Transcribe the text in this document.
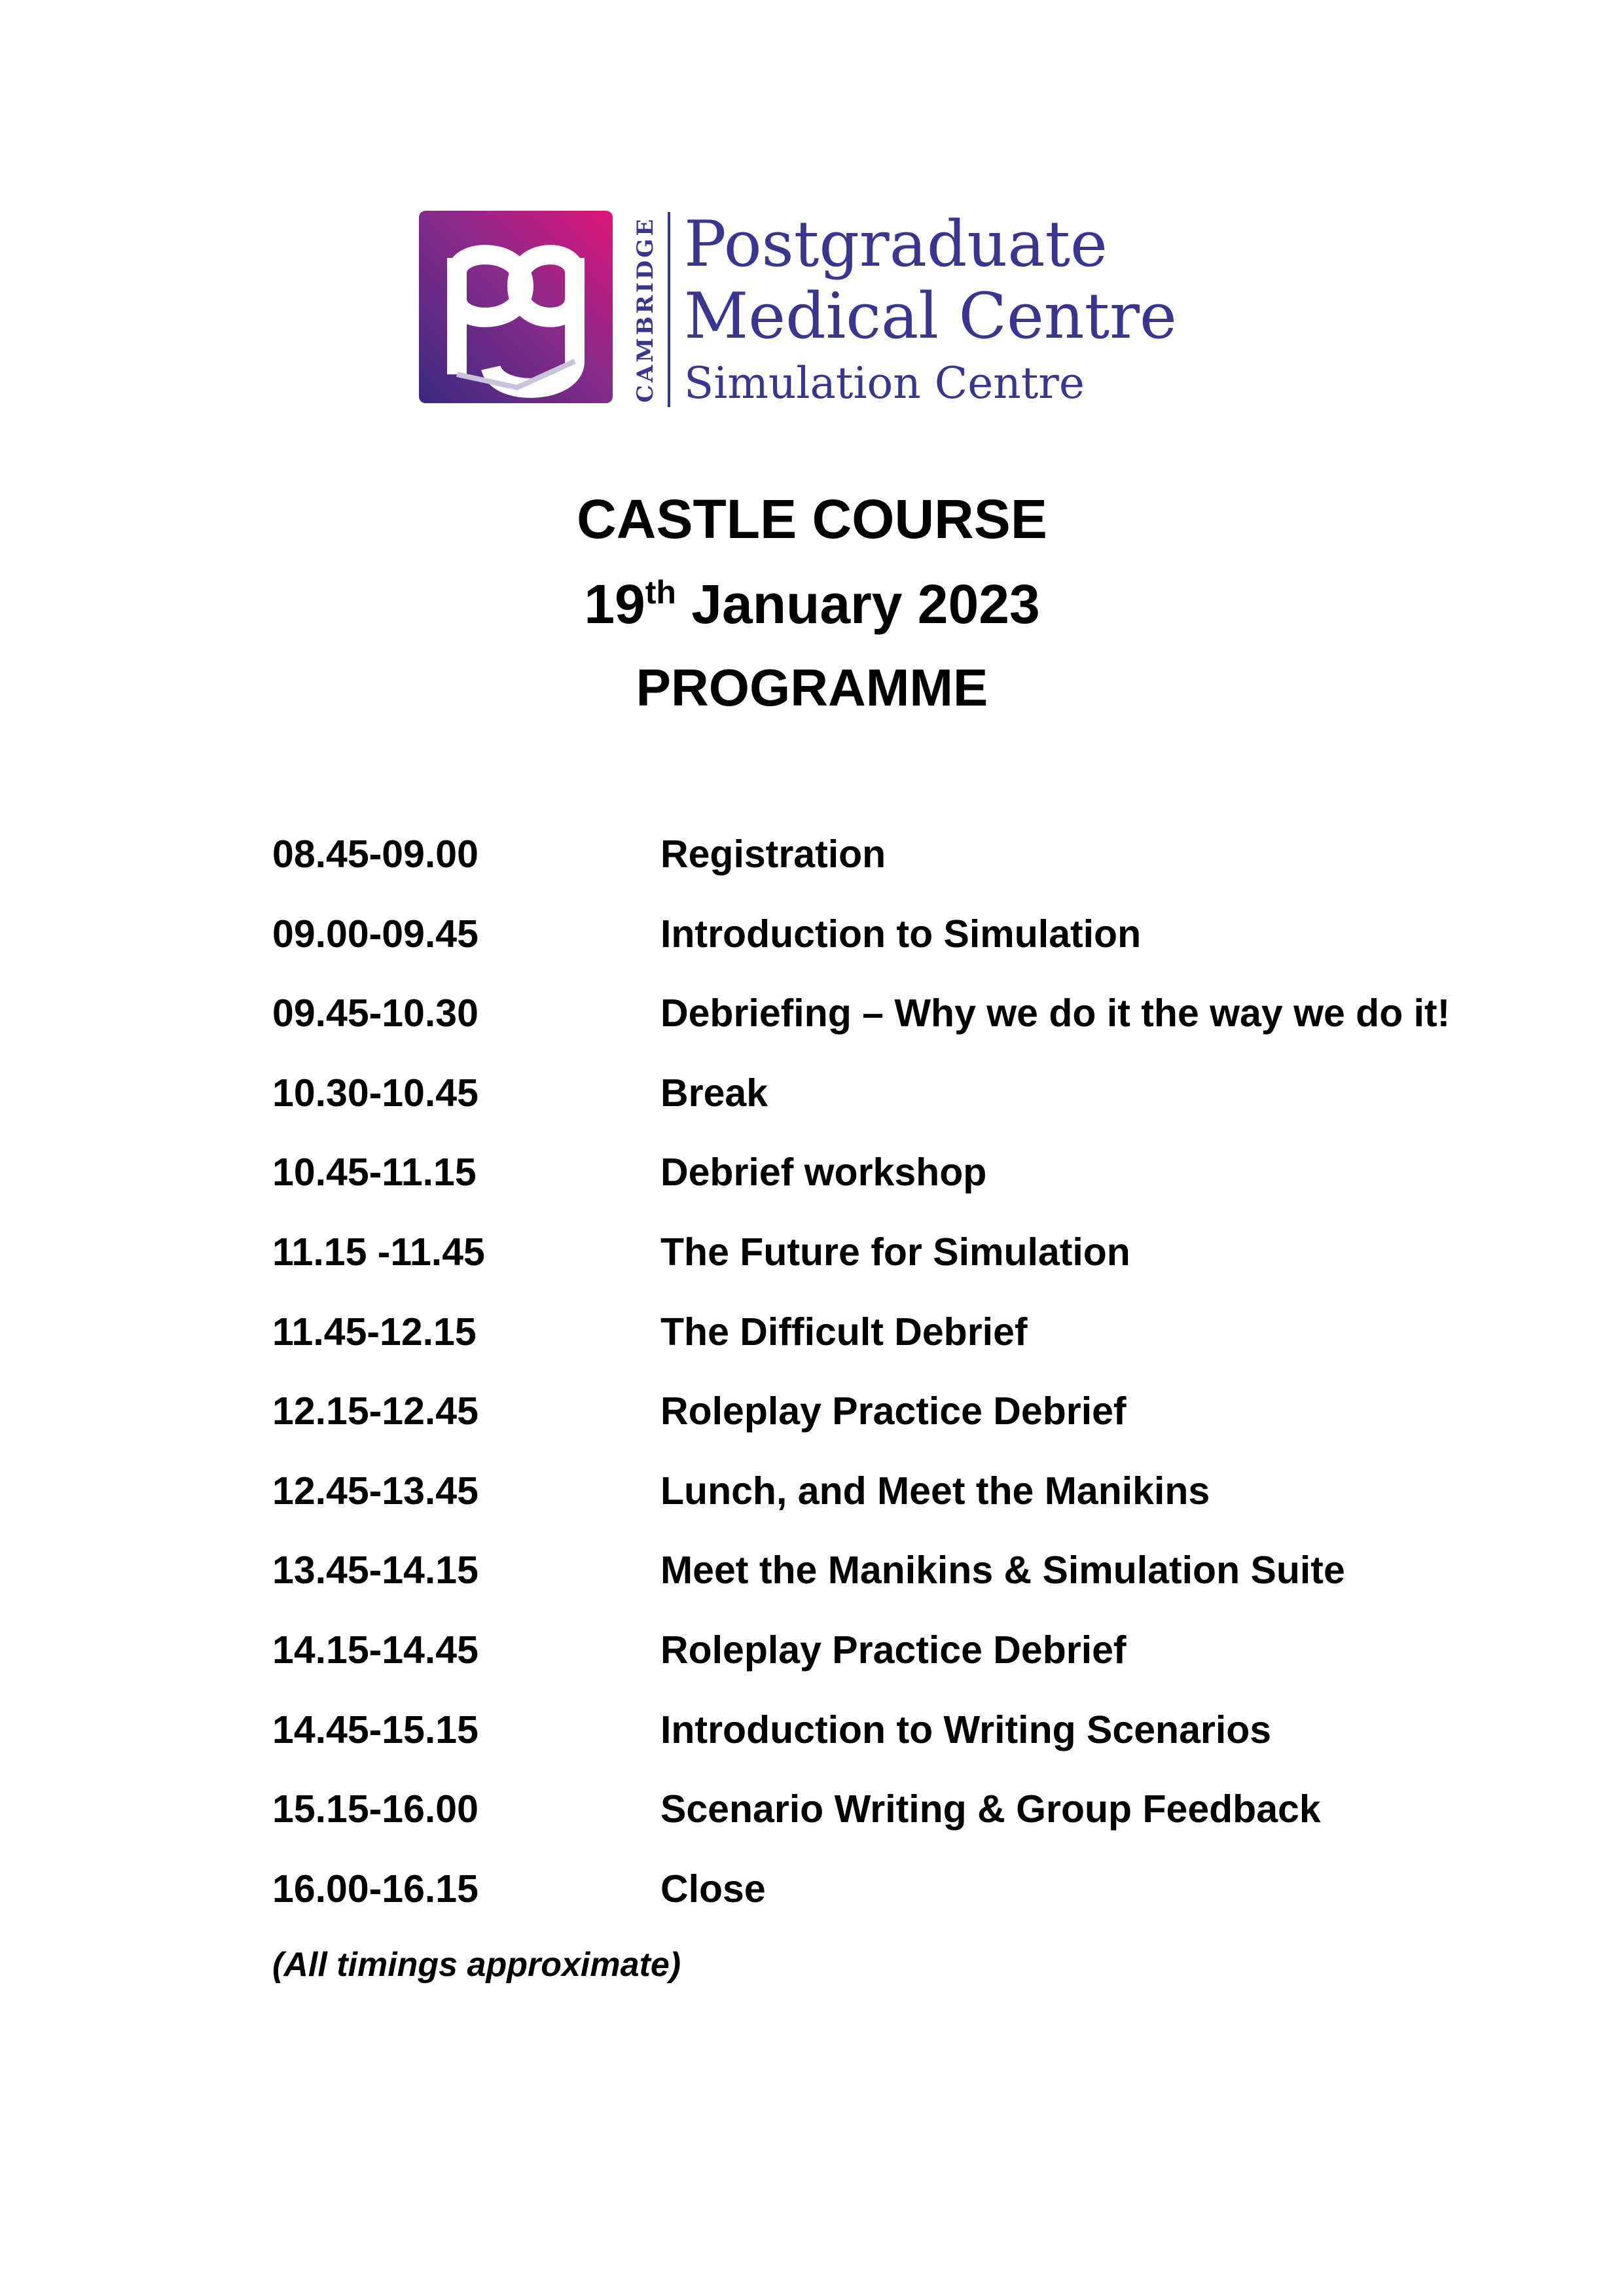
CAMBRIDGE Postgraduate
Medical Centre
Simulation Centre
CASTLE COURSE
19th January 2023
PROGRAMME
08.45-09.00	Registration
09.00-09.45	Introduction to Simulation
09.45-10.30	Debriefing – Why we do it the way we do it!
10.30-10.45	Break
10.45-11.15	Debrief workshop
11.15 -11.45	The Future for Simulation
11.45-12.15	The Difficult Debrief
12.15-12.45	Roleplay Practice Debrief
12.45-13.45	Lunch, and Meet the Manikins
13.45-14.15	Meet the Manikins & Simulation Suite
14.15-14.45	Roleplay Practice Debrief
14.45-15.15	Introduction to Writing Scenarios
15.15-16.00	Scenario Writing & Group Feedback
16.00-16.15	Close
(All timings approximate)
